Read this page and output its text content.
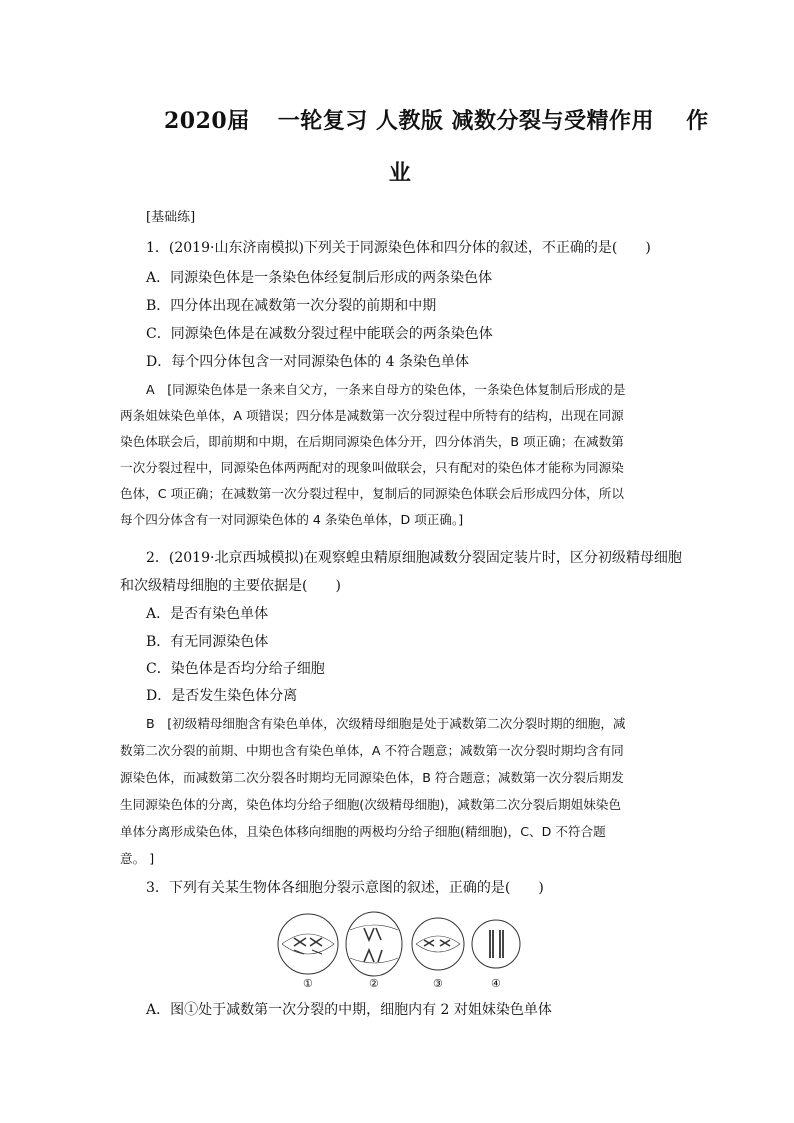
2020届 一轮复习 人教版 减数分裂与受精作用 作
业
[基础练]
1．(2019·山东济南模拟)下列关于同源染色体和四分体的叙述，不正确的是(　　)
A．同源染色体是一条染色体经复制后形成的两条染色体
B．四分体出现在减数第一次分裂的前期和中期
C．同源染色体是在减数分裂过程中能联会的两条染色体
D．每个四分体包含一对同源染色体的 4 条染色单体
A　[同源染色体是一条来自父方，一条来自母方的染色体，一条染色体复制后形成的是
两条姐妹染色单体，A 项错误；四分体是减数第一次分裂过程中所特有的结构，出现在同源
染色体联会后，即前期和中期，在后期同源染色体分开，四分体消失，B 项正确；在减数第
一次分裂过程中，同源染色体两两配对的现象叫做联会，只有配对的染色体才能称为同源染
色体，C 项正确；在减数第一次分裂过程中，复制后的同源染色体联会后形成四分体，所以
每个四分体含有一对同源染色体的 4 条染色单体，D 项正确。]
2．(2019·北京西城模拟)在观察蝗虫精原细胞减数分裂固定装片时，区分初级精母细胞
和次级精母细胞的主要依据是(　　)
A．是否有染色单体
B．有无同源染色体
C．染色体是否均分给子细胞
D．是否发生染色体分离
B　[初级精母细胞含有染色单体，次级精母细胞是处于减数第二次分裂时期的细胞，减
数第二次分裂的前期、中期也含有染色单体，A 不符合题意；减数第一次分裂时期均含有同
源染色体，而减数第二次分裂各时期均无同源染色体，B 符合题意；减数第一次分裂后期发
生同源染色体的分离，染色体均分给子细胞(次级精母细胞)，减数第二次分裂后期姐妹染色
单体分离形成染色体，且染色体移向细胞的两极均分给子细胞(精细胞)，C、D 不符合题
意。 ]
3．下列有关某生物体各细胞分裂示意图的叙述，正确的是(　　)
①	②	③	④
A．图①处于减数第一次分裂的中期，细胞内有 2 对姐妹染色单体
